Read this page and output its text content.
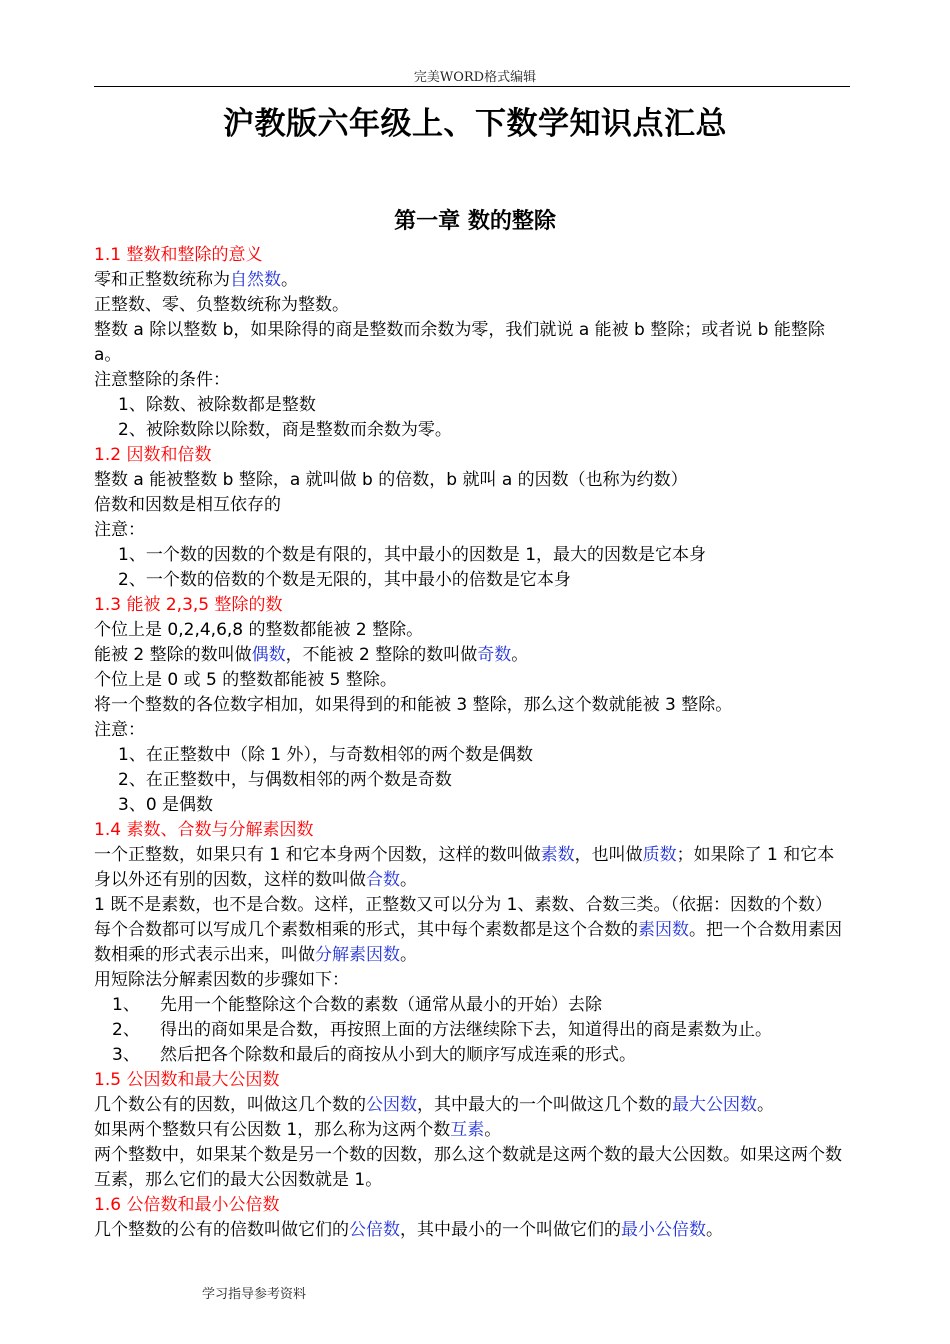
完美WORD格式编辑
沪教版六年级上、下数学知识点汇总
第一章 数的整除

1.1 整数和整除的意义

零和正整数统称为自然数。

正整数、零、负整数统称为整数。

整数 a 除以整数 b，如果除得的商是整数而余数为零，我们就说 a 能被 b 整除；或者说 b 能整除 a。

注意整除的条件：

1、除数、被除数都是整数

2、被除数除以除数，商是整数而余数为零。

1.2 因数和倍数

整数 a 能被整数 b 整除，a 就叫做 b 的倍数，b 就叫 a 的因数（也称为约数）

倍数和因数是相互依存的

注意：

1、一个数的因数的个数是有限的，其中最小的因数是 1，最大的因数是它本身

2、一个数的倍数的个数是无限的，其中最小的倍数是它本身

1.3 能被 2,3,5 整除的数

个位上是 0,2,4,6,8 的整数都能被 2 整除。

能被 2 整除的数叫做偶数，不能被 2 整除的数叫做奇数。

个位上是 0 或 5 的整数都能被 5 整除。

将一个整数的各位数字相加，如果得到的和能被 3 整除，那么这个数就能被 3 整除。

注意：

1、在正整数中（除 1 外），与奇数相邻的两个数是偶数

2、在正整数中，与偶数相邻的两个数是奇数

3、0 是偶数

1.4 素数、合数与分解素因数

一个正整数，如果只有 1 和它本身两个因数，这样的数叫做素数，也叫做质数；如果除了 1 和它本身以外还有别的因数，这样的数叫做合数。

1 既不是素数，也不是合数。这样，正整数又可以分为 1、素数、合数三类。（依据：因数的个数）

每个合数都可以写成几个素数相乘的形式，其中每个素数都是这个合数的素因数。把一个合数用素因数相乘的形式表示出来，叫做分解素因数。

用短除法分解素因数的步骤如下：

1、	先用一个能整除这个合数的素数（通常从最小的开始）去除
2、	得出的商如果是合数，再按照上面的方法继续除下去，知道得出的商是素数为止。
3、	然后把各个除数和最后的商按从小到大的顺序写成连乘的形式。

1.5 公因数和最大公因数

几个数公有的因数，叫做这几个数的公因数，其中最大的一个叫做这几个数的最大公因数。

如果两个整数只有公因数 1，那么称为这两个数互素。

两个整数中，如果某个数是另一个数的因数，那么这个数就是这两个数的最大公因数。如果这两个数互素，那么它们的最大公因数就是 1。

1.6 公倍数和最小公倍数

几个整数的公有的倍数叫做它们的公倍数，其中最小的一个叫做它们的最小公倍数。

学习指导参考资料
